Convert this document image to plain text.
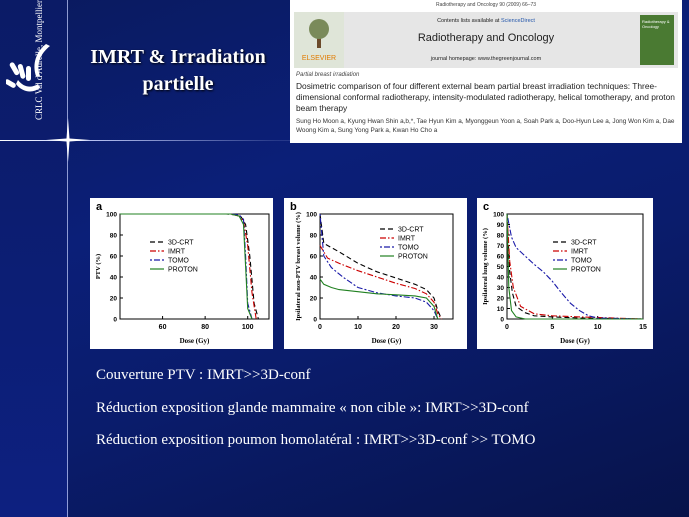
CRLC Val d'Aurelle, Montpellier	IMRT & Irradiation
partielle
Radiotherapy and Oncology 90 (2009) 66–73
ELSEVIER
Contents lists available at ScienceDirect
Radiotherapy and Oncology
journal homepage: www.thegreenjournal.com
Radiotherapy & Oncology
Partial breast irradiation
Dosimetric comparison of four different external beam partial breast irradiation techniques: Three-dimensional conformal radiotherapy, intensity-modulated radiotherapy, helical tomotherapy, and proton beam therapy
Sung Ho Moon a, Kyung Hwan Shin a,b,*, Tae Hyun Kim a, Myonggeun Yoon a, Soah Park a, Doo-Hyun Lee a, Jong Won Kim a, Dae Woong Kim a, Sung Yong Park a, Kwan Ho Cho a
60	80	100
0
20
40
60
80
100
Dose (Gy)
PTV (%)
a
3D-CRT
IMRT
TOMO
PROTON
0	10	20	30
0
20
40
60
80
100
Dose (Gy)
Ipsilateral non-PTV breast volume (%)
b
3D-CRT
IMRT
TOMO
PROTON
0	5	10	15
0
10
20
30
40
50
60
70
80
90
100
Dose (Gy)
Ipsilateral lung volume (%)
c
3D-CRT
IMRT
TOMO
PROTON
Couverture PTV : IMRT>>3D-conf
Réduction exposition glande mammaire « non cible »: IMRT>>3D-conf
Réduction exposition poumon homolatéral : IMRT>>3D-conf >> TOMO
